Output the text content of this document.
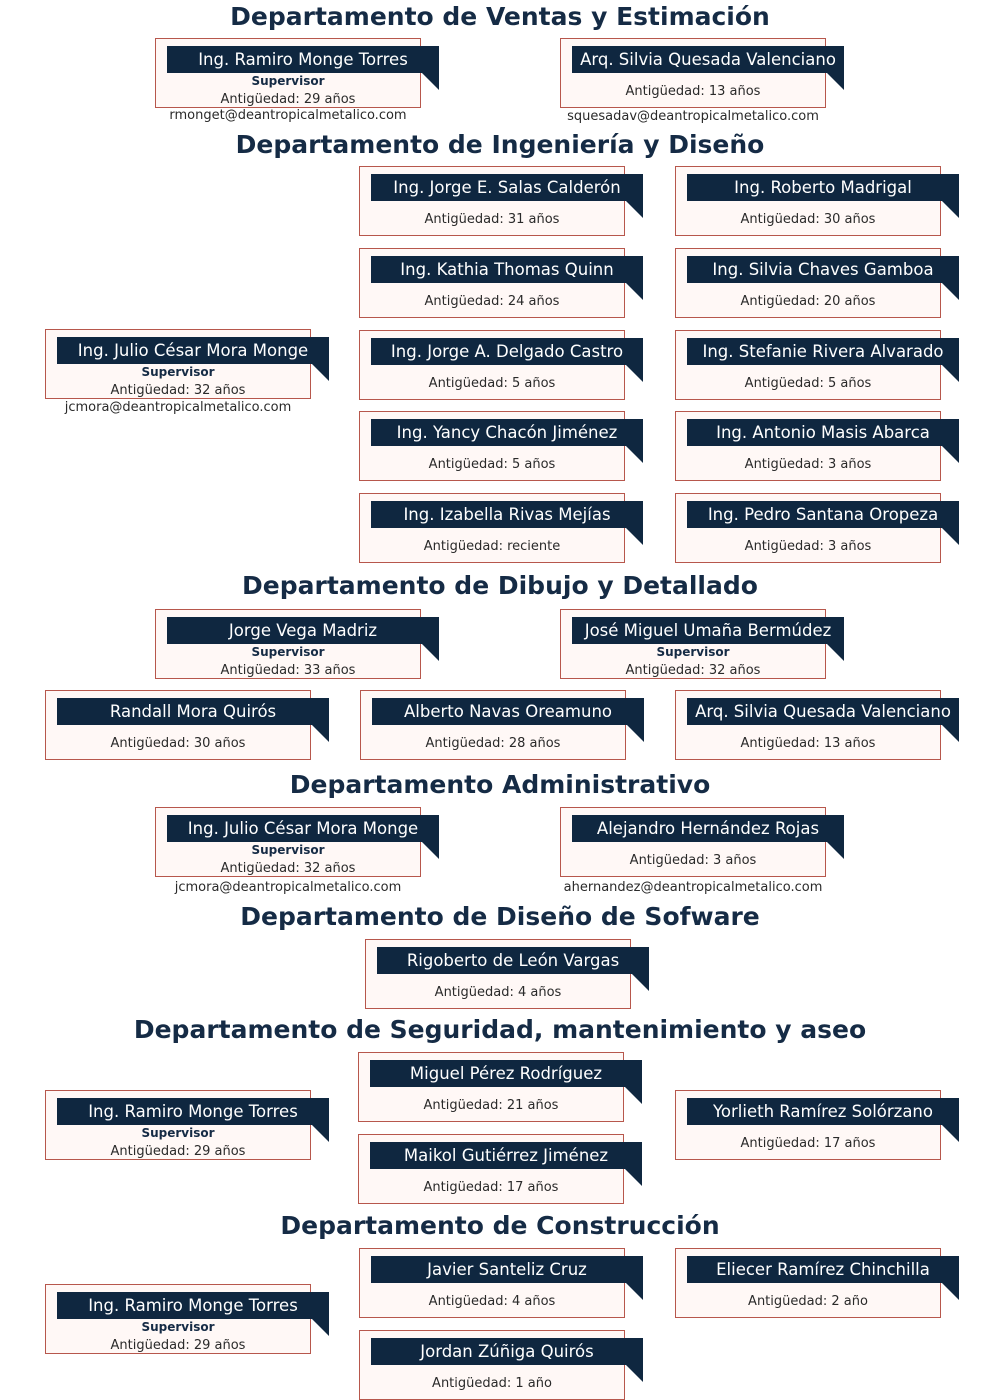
Departamento de Ventas y Estimación
Departamento de Ingeniería y Diseño
Departamento de Dibujo y Detallado
Departamento Administrativo
Departamento de Diseño de Sofware
Departamento de Seguridad, mantenimiento y aseo
Departamento de Construcción
Ing. Ramiro Monge Torres
Supervisor
Antigüedad: 29 años
rmonget@deantropicalmetalico.com
Arq. Silvia Quesada Valenciano
Antigüedad: 13 años
squesadav@deantropicalmetalico.com
Ing. Julio César Mora Monge
Supervisor
Antigüedad: 32 años
jcmora@deantropicalmetalico.com
Ing. Jorge E. Salas Calderón
Antigüedad: 31 años
Ing. Roberto Madrigal
Antigüedad: 30 años
Ing. Kathia Thomas Quinn
Antigüedad: 24 años
Ing. Silvia Chaves Gamboa
Antigüedad: 20 años
Ing. Jorge A. Delgado Castro
Antigüedad: 5 años
Ing. Stefanie Rivera Alvarado
Antigüedad: 5 años
Ing. Yancy Chacón Jiménez
Antigüedad: 5 años
Ing. Antonio Masis Abarca
Antigüedad: 3 años
Ing. Izabella Rivas Mejías
Antigüedad: reciente
Ing. Pedro Santana Oropeza
Antigüedad: 3 años
Jorge Vega Madriz
Supervisor
Antigüedad: 33 años
José Miguel Umaña Bermúdez
Supervisor
Antigüedad: 32 años
Randall Mora Quirós
Antigüedad: 30 años
Alberto Navas Oreamuno
Antigüedad: 28 años
Arq. Silvia Quesada Valenciano
Antigüedad: 13 años
Ing. Julio César Mora Monge
Supervisor
Antigüedad: 32 años
jcmora@deantropicalmetalico.com
Alejandro Hernández Rojas
Antigüedad: 3 años
ahernandez@deantropicalmetalico.com
Rigoberto de León Vargas
Antigüedad: 4 años
Ing. Ramiro Monge Torres
Supervisor
Antigüedad: 29 años
Miguel Pérez Rodríguez
Antigüedad: 21 años
Maikol Gutiérrez Jiménez
Antigüedad: 17 años
Yorlieth Ramírez Solórzano
Antigüedad: 17 años
Ing. Ramiro Monge Torres
Supervisor
Antigüedad: 29 años
Javier Santeliz Cruz
Antigüedad: 4 años
Eliecer Ramírez Chinchilla
Antigüedad: 2 año
Jordan Zúñiga Quirós
Antigüedad: 1 año
